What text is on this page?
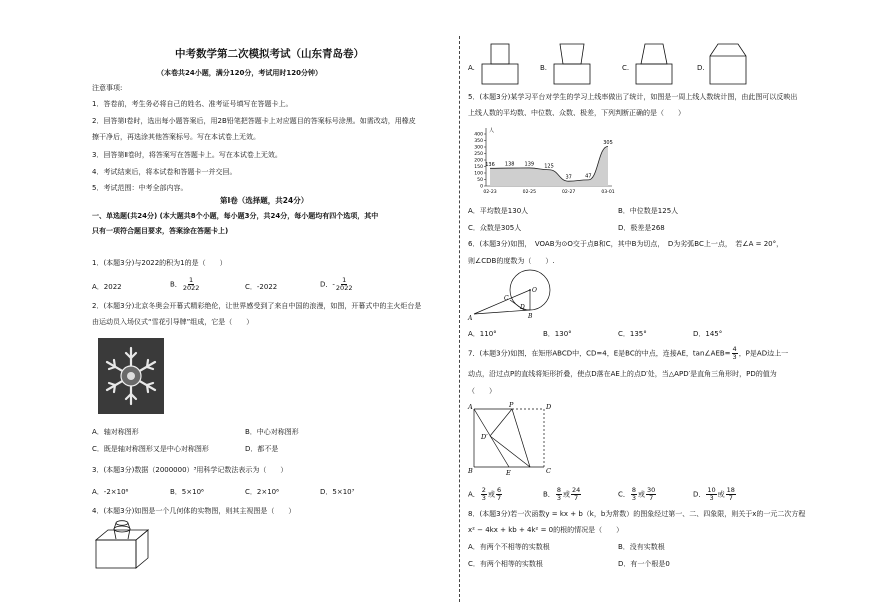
中考数学第二次模拟考试（山东青岛卷）
（本卷共24小题，满分120分，考试用时120分钟）
注意事项:
1．答卷前，考生务必将自己的姓名、准考证号填写在答题卡上。
2．回答第Ⅰ卷时，选出每小题答案后，用2B铅笔把答题卡上对应题目的答案标号涂黑。如需改动，用橡皮
擦干净后，再选涂其他答案标号。写在本试卷上无效。
3．回答第Ⅱ卷时，将答案写在答题卡上。写在本试卷上无效。
4．考试结束后，将本试卷和答题卡一并交回。
5．考试范围：中考全部内容。
第Ⅰ卷（选择题，共24分）
一、单选题(共24分) (本大题共8个小题，每小题3分，共24分，每小题均有四个选项，其中
只有一项符合题目要求，答案涂在答题卡上)
1．(本题3分)与2022的积为1的是（　　）
A．2022	B． $\frac{1}{2022}$	C．-2022	D．- $\frac{1}{2022}$
2．(本题3分)北京冬奥会开幕式精彩绝伦，让世界感受到了来自中国的浪漫，如图，开幕式中的主火炬台是
由运动员入场仪式“雪花引导牌”组成，它是（　　）
A．轴对称图形	B．中心对称图形
C．既是轴对称图形又是中心对称图形	D．都不是
3．(本题3分)数据（2000000）³用科学记数法表示为（　　）
A．-2×10⁶	B．5×10⁶	C．2×10⁶	D．5×10⁷
4．(本题3分)如图是一个几何体的实物图，则其主视图是（　　）
A.	B.	C.	D.
5．(本题3分)某学习平台对学生的学习上线率做出了统计，如图是一周上线人数统计图，由此图可以反映出
上线人数的平均数、中位数、众数、极差，下列判断正确的是（　　）
人
0
50
100
150
200
250
300
350
400
02-23	02-25	02-27	03-01
136 138 139 125
37	47
305
A．平均数是130人	B．中位数是125人
C．众数是305人	D．极差是268
6．(本题3分)如图，　VOAB为⊙O交于点B和C，其中B为切点，　D为劣弧BC上一点，　若∠A = 20°，
则∠CDB的度数为（　　）.
O
C
D
A	B
A．110°	B．130°	C．135°	D．145°
7．(本题3分)如图，在矩形ABCD中，CD=4，E是BC的中点，连接AE，tan∠AEB= $\frac{4}{3}$ ，P是AD边上一
动点，沿过点P的直线将矩形折叠，使点D落在AE上的点D′处，当△APD′是直角三角形时，PD的值为
（　　）
A	P	D
D′
B	E	C
A． $\frac{2}{3}$ 或 $\frac{6}{7}$	B． $\frac{8}{3}$ 或 $\frac{24}{7}$	C． $\frac{8}{3}$ 或 $\frac{30}{7}$	D． $\frac{10}{3}$ 或 $\frac{18}{7}$
8．(本题3分)若一次函数y = kx + b（k，b为常数）的图象经过第一、二、四象限，则关于x的一元二次方程
x² − 4kx + kb + 4k² = 0的根的情况是（　　）
A．有两个不相等的实数根	B．没有实数根
C．有两个相等的实数根	D．有一个根是0
